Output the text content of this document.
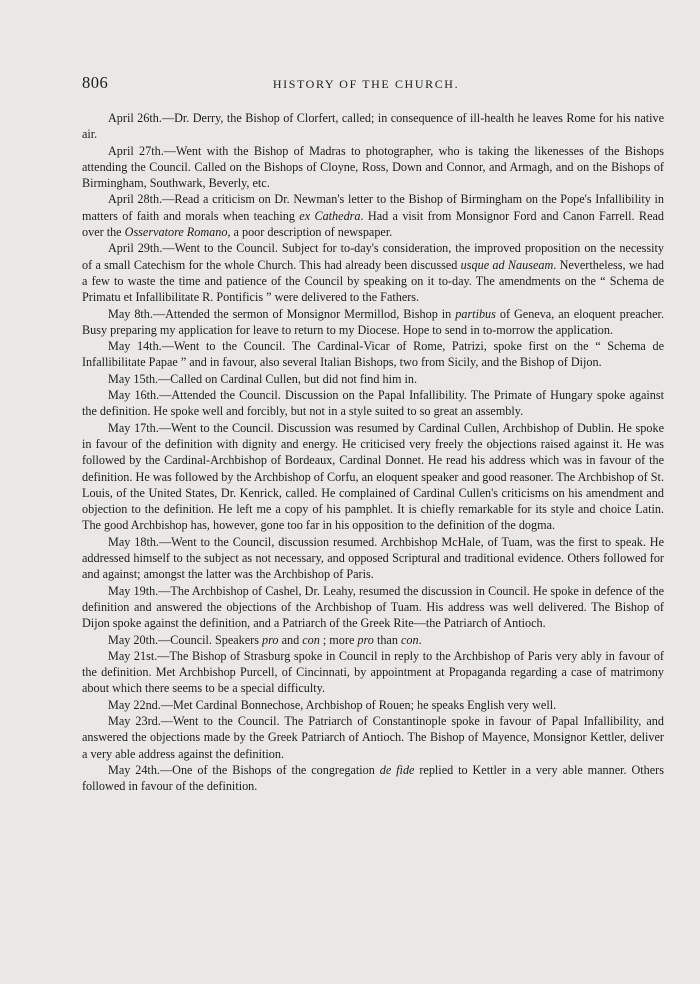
806	HISTORY OF THE CHURCH.

April 26th.—Dr. Derry, the Bishop of Clorfert, called; in consequence of ill-health he leaves Rome for his native air.

April 27th.—Went with the Bishop of Madras to photographer, who is taking the likenesses of the Bishops attending the Council. Called on the Bishops of Cloyne, Ross, Down and Connor, and Armagh, and on the Bishops of Birmingham, Southwark, Beverly, etc.

April 28th.—Read a criticism on Dr. Newman's letter to the Bishop of Birmingham on the Pope's Infallibility in matters of faith and morals when teaching ex Cathedra. Had a visit from Monsignor Ford and Canon Farrell. Read over the Osservatore Romano, a poor description of newspaper.

April 29th.—Went to the Council. Subject for to-day's consideration, the improved proposition on the necessity of a small Catechism for the whole Church. This had already been discussed usque ad Nauseam. Nevertheless, we had a few to waste the time and patience of the Council by speaking on it to-day. The amendments on the “ Schema de Primatu et Infallibilitate R. Pontificis ” were delivered to the Fathers.

May 8th.—Attended the sermon of Monsignor Mermillod, Bishop in partibus of Geneva, an eloquent preacher. Busy preparing my application for leave to return to my Diocese. Hope to send in to-morrow the application.

May 14th.—Went to the Council. The Cardinal-Vicar of Rome, Patrizi, spoke first on the “ Schema de Infallibilitate Papae ” and in favour, also several Italian Bishops, two from Sicily, and the Bishop of Dijon.

May 15th.—Called on Cardinal Cullen, but did not find him in.

May 16th.—Attended the Council. Discussion on the Papal Infallibility. The Primate of Hungary spoke against the definition. He spoke well and forcibly, but not in a style suited to so great an assembly.

May 17th.—Went to the Council. Discussion was resumed by Cardinal Cullen, Archbishop of Dublin. He spoke in favour of the definition with dignity and energy. He criticised very freely the objections raised against it. He was followed by the Cardinal-Archbishop of Bordeaux, Cardinal Donnet. He read his address which was in favour of the definition. He was followed by the Archbishop of Corfu, an eloquent speaker and good reasoner. The Archbishop of St. Louis, of the United States, Dr. Kenrick, called. He complained of Cardinal Cullen's criticisms on his amendment and objection to the definition. He left me a copy of his pamphlet. It is chiefly remarkable for its style and choice Latin. The good Archbishop has, however, gone too far in his opposition to the definition of the dogma.

May 18th.—Went to the Council, discussion resumed. Archbishop McHale, of Tuam, was the first to speak. He addressed himself to the subject as not necessary, and opposed Scriptural and traditional evidence. Others followed for and against; amongst the latter was the Archbishop of Paris.

May 19th.—The Archbishop of Cashel, Dr. Leahy, resumed the discussion in Council. He spoke in defence of the definition and answered the objections of the Archbishop of Tuam. His address was well delivered. The Bishop of Dijon spoke against the definition, and a Patriarch of the Greek Rite—the Patriarch of Antioch.

May 20th.—Council. Speakers pro and con ; more pro than con.

May 21st.—The Bishop of Strasburg spoke in Council in reply to the Archbishop of Paris very ably in favour of the definition. Met Archbishop Purcell, of Cincinnati, by appointment at Propaganda regarding a case of matrimony about which there seems to be a special difficulty.

May 22nd.—Met Cardinal Bonnechose, Archbishop of Rouen; he speaks English very well.

May 23rd.—Went to the Council. The Patriarch of Constantinople spoke in favour of Papal Infallibility, and answered the objections made by the Greek Patriarch of Antioch. The Bishop of Mayence, Monsignor Kettler, deliver a very able address against the definition.

May 24th.—One of the Bishops of the congregation de fide replied to Kettler in a very able manner. Others followed in favour of the definition.
